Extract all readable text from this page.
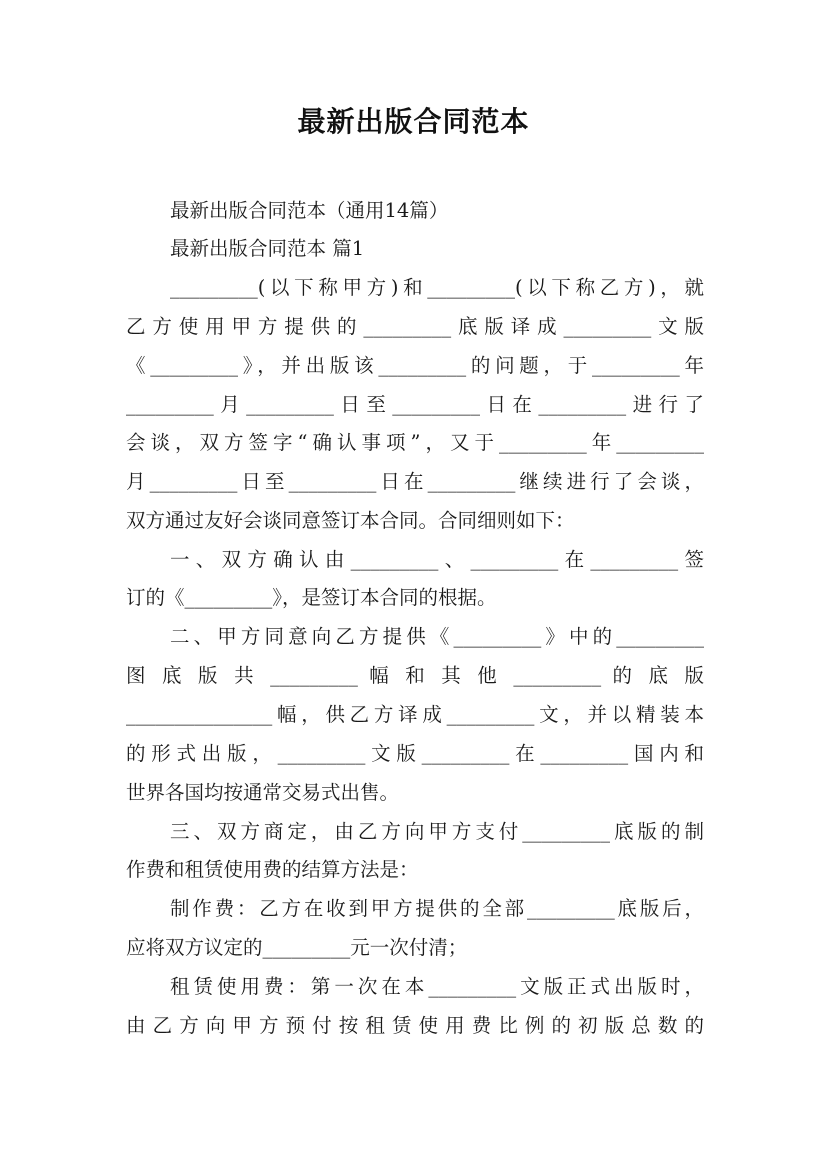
最新出版合同范本
最新出版合同范本（通用14篇）
最新出版合同范本 篇1
_________(以下称甲方)和_________(以下称乙方)，就
乙方使用甲方提供的_________底版译成_________文版
《_________》，并出版该_________的问题，于_________年
_________月_________日至_________日在_________进行了
会谈，双方签字“确认事项”，又于_________年_________
月_________日至_________日在_________继续进行了会谈，
双方通过友好会谈同意签订本合同。合同细则如下：
一、双方确认由_________、_________在_________签
订的《_________》，是签订本合同的根据。
二、甲方同意向乙方提供《_________》中的_________
图 底 版 共 _________ 幅 和 其 他 _________ 的 底 版
_______________幅，供乙方译成_________文，并以精装本
的形式出版，_________文版_________在_________国内和
世界各国均按通常交易式出售。
三、双方商定，由乙方向甲方支付_________底版的制
作费和租赁使用费的结算方法是：
制作费：乙方在收到甲方提供的全部_________底版后，
应将双方议定的_________元一次付清；
租赁使用费：第一次在本_________文版正式出版时，
由乙方向甲方预付按租赁使用费比例的初版总数的
